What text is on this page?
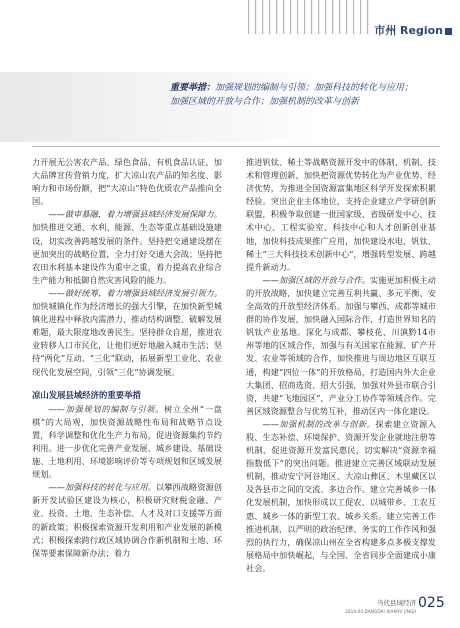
市州 Region
重要举措：加强规划的编制与引领；加强科技的转化与应用；
加强区域的开放与合作；加强机制的改革与创新

力开展无公害农产品、绿色食品、有机食品认证，加大品牌宣传营销力度，扩大凉山农产品的知名度、影响力和市场份额，把“大凉山”特色优质农产品推向全国。

——做审慕融，着力增强县域经济发展保障力。加快推进交通、水利、能源、生态等重点基础设施建设，切实改善跨越发展的条件。坚持把交通建设摆在更加突出的战略位置，全力打好交通大会战；坚持把农田水利基本建设作为重中之重，着力提高农业综合生产能力和抵御自然灾害风险的能力。

——做好统筹，着力增强县域经济发展引领力。加快城镇化作为经济增长的强大引擎，在加快新型城镇化进程中释放内需潜力、推动结构调整、破解发展难题，最大限度地改善民生。坚持群众自愿，推进农业转移人口市民化，让他们更好地融入城市生活；坚持“两化”互动、“三化”联动，拓展新型工业化、农业现代化发展空间，引领“三化”协调发展。

凉山发展县域经济的重要举措

——加强规划的编制与引领。树立全州“一盘棋”的大局观，加快资源战略性布局和战略节点设置，科学调整和优化生产力布局，促进资源集约节约利用。进一步优化完善产业发展、城乡建设、基础设施、土地利用、环境影响评价等专项规划和区域发展规划。

——加强科技的转化与应用。以攀西战略资源创新开发试验区建设为核心，积极研究财税金融、产业、投资、土地、生态补偿、人才及对口支援等方面的新政策；积极探索资源开发利用和产业发展的新模式；积极探索跨行政区域协调合作新机制和土地、环保等要素保障新办法；着力

推进钒钛、稀土等战略资源开发中的体制、机制、技术和管理创新，加快把资源优势转化为产业优势、经济优势，为推进全国资源富集地区科学开发探索积累经验。突出企业主体地位，支持企业建立产学研创新联盟，积极争取创建一批国家级、省级研发中心、技术中心、工程实验室、科技中心和人才创新创业基地，加快科技成果推广应用，加快建设水电、钒钛、稀土“三大科技技术创新中心”，增强转型发展、跨越提升新动力。

——加强区域的开放与合作。实施更加积极主动的开放战略，加快建立完善互利共赢、多元平衡、安全高效的开放型经济体系。加强与攀西、成都等城市群的协作发展，加快融入国际合作，打造世界知名的钒钛产业基地。深化与成都、攀枝花、川滇黔14市州等地的区域合作，加强与有关国家在能源、矿产开发、农业等领域的合作，加快推进与周边地区互联互通，构建“四位一体”的开放格局，打造国内外大企业大集团、招商选资、招大引强，加强对外县市联合引资，共建“飞地园区”，产业分工协作等领域合作。完善区域资源整合与优势互补，推动区内一体化建设。

——加强机制的改革与创新。探索建立资源入股、生态补偿、环境保护、资源开发企业就地注册等机制，促进资源开发富民惠民，切实解决“资源幸福指数低下”的突出问题。推进建立完善区域联动发展机制，推动安宁河谷地区、大凉山彝区、木里藏区以及各县市之间的交流、多边合作。建立完善城乡一体化发展机制，加快形成以工促农、以城带乡、工农互惠、城乡一体的新型工农、城乡关系。建立完善工作推进机制，以严明的政治纪律、务实的工作作风和强烈的执行力，确保凉山州在全省构建多点多极支撑发展格局中加快崛起，与全国、全省同步全面建成小康社会。

当代县域经济
2014.04 DANGDAI XIANYU JINGJI
025
